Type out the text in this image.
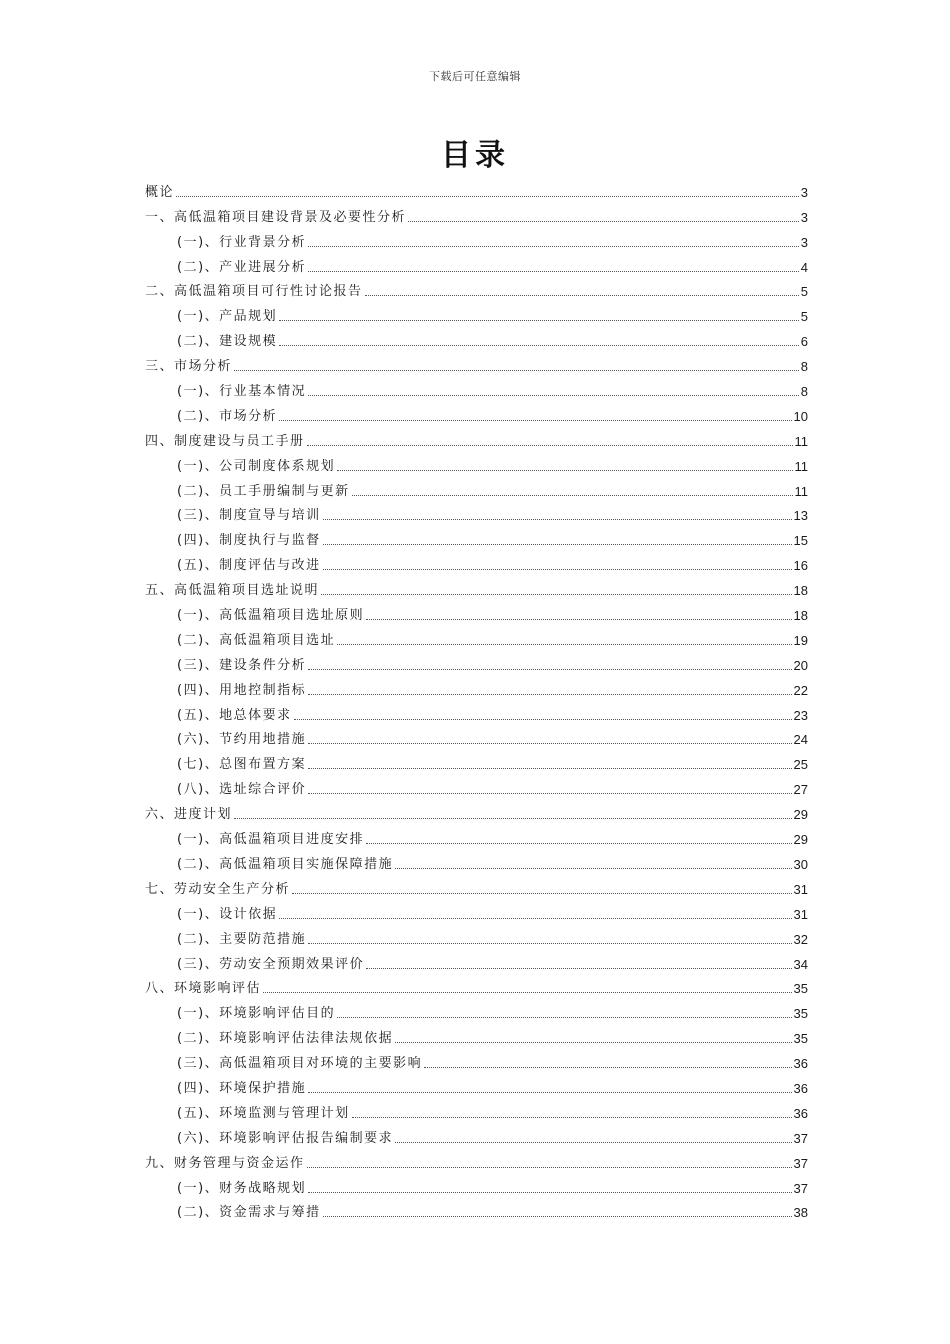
下载后可任意编辑
目录
概论	3
一、高低温箱项目建设背景及必要性分析	3
(一)、行业背景分析	3
(二)、产业进展分析	4
二、高低温箱项目可行性讨论报告	5
(一)、产品规划	5
(二)、建设规模	6
三、市场分析	8
(一)、行业基本情况	8
(二)、市场分析	10
四、制度建设与员工手册	11
(一)、公司制度体系规划	11
(二)、员工手册编制与更新	11
(三)、制度宣导与培训	13
(四)、制度执行与监督	15
(五)、制度评估与改进	16
五、高低温箱项目选址说明	18
(一)、高低温箱项目选址原则	18
(二)、高低温箱项目选址	19
(三)、建设条件分析	20
(四)、用地控制指标	22
(五)、地总体要求	23
(六)、节约用地措施	24
(七)、总图布置方案	25
(八)、选址综合评价	27
六、进度计划	29
(一)、高低温箱项目进度安排	29
(二)、高低温箱项目实施保障措施	30
七、劳动安全生产分析	31
(一)、设计依据	31
(二)、主要防范措施	32
(三)、劳动安全预期效果评价	34
八、环境影响评估	35
(一)、环境影响评估目的	35
(二)、环境影响评估法律法规依据	35
(三)、高低温箱项目对环境的主要影响	36
(四)、环境保护措施	36
(五)、环境监测与管理计划	36
(六)、环境影响评估报告编制要求	37
九、财务管理与资金运作	37
(一)、财务战略规划	37
(二)、资金需求与筹措	38
